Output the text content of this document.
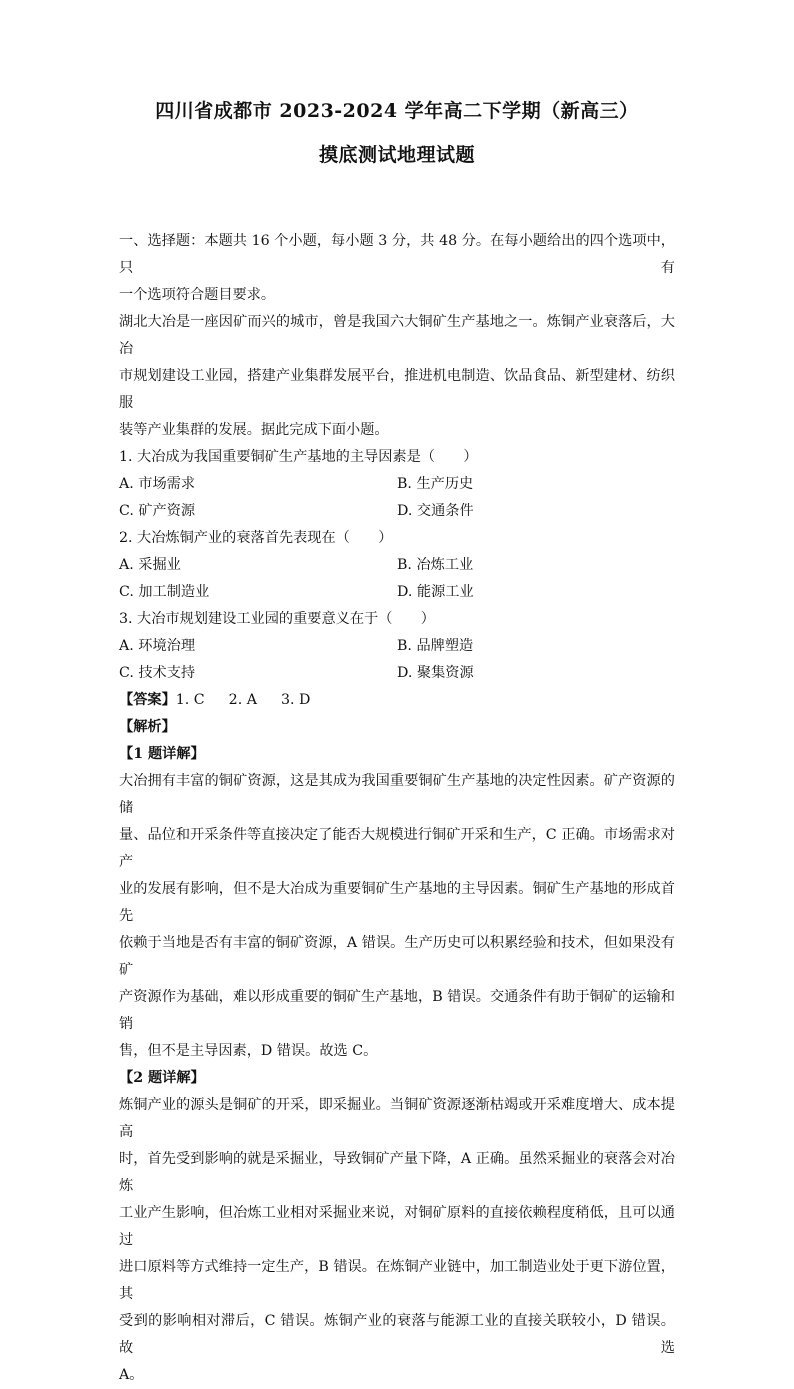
四川省成都市 2023-2024 学年高二下学期（新高三）
摸底测试地理试题

一、选择题：本题共 16 个小题，每小题 3 分，共 48 分。在每小题给出的四个选项中，只有

一个选项符合题目要求。

湖北大冶是一座因矿而兴的城市，曾是我国六大铜矿生产基地之一。炼铜产业衰落后，大冶

市规划建设工业园，搭建产业集群发展平台，推进机电制造、饮品食品、新型建材、纺织服

装等产业集群的发展。据此完成下面小题。

1. 大冶成为我国重要铜矿生产基地的主导因素是（　　）

A. 市场需求	B. 生产历史
C. 矿产资源	D. 交通条件

2. 大冶炼铜产业的衰落首先表现在（　　）

A. 采掘业	B. 冶炼工业
C. 加工制造业	D. 能源工业

3. 大冶市规划建设工业园的重要意义在于（　　）

A. 环境治理	B. 品牌塑造
C. 技术支持	D. 聚集资源

【答案】1. C 2. A 3. D

【解析】

【1 题详解】

大冶拥有丰富的铜矿资源，这是其成为我国重要铜矿生产基地的决定性因素。矿产资源的储

量、品位和开采条件等直接决定了能否大规模进行铜矿开采和生产，C 正确。市场需求对产

业的发展有影响，但不是大冶成为重要铜矿生产基地的主导因素。铜矿生产基地的形成首先

依赖于当地是否有丰富的铜矿资源，A 错误。生产历史可以积累经验和技术，但如果没有矿

产资源作为基础，难以形成重要的铜矿生产基地，B 错误。交通条件有助于铜矿的运输和销

售，但不是主导因素，D 错误。故选 C。

【2 题详解】

炼铜产业的源头是铜矿的开采，即采掘业。当铜矿资源逐渐枯竭或开采难度增大、成本提高

时，首先受到影响的就是采掘业，导致铜矿产量下降，A 正确。虽然采掘业的衰落会对冶炼

工业产生影响，但冶炼工业相对采掘业来说，对铜矿原料的直接依赖程度稍低，且可以通过

进口原料等方式维持一定生产，B 错误。在炼铜产业链中，加工制造业处于更下游位置，其

受到的影响相对滞后，C 错误。炼铜产业的衰落与能源工业的直接关联较小，D 错误。故选

A。
